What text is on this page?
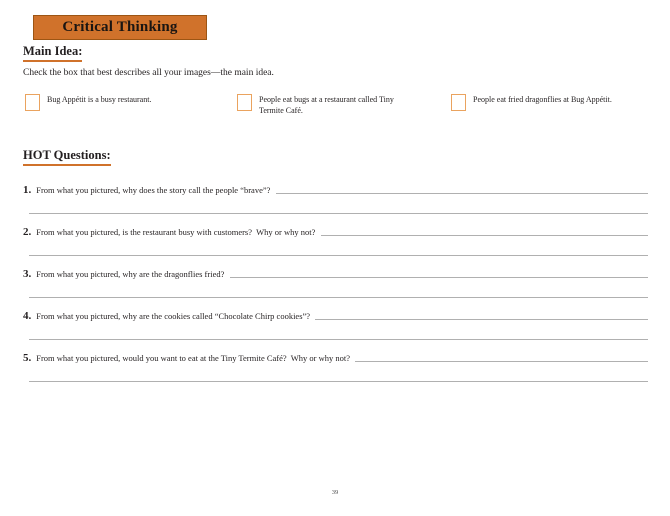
Critical Thinking
Main Idea:
Check the box that best describes all your images—the main idea.
Bug Appétit is a busy restaurant.	People eat bugs at a restaurant called Tiny Termite Café.
People eat fried dragonflies at Bug Appétit.
HOT Questions:
1. From what you pictured, why does the story call the people “brave”?
2. From what you pictured, is the restaurant busy with customers?  Why or why not?
3. From what you pictured, why are the dragonflies fried?
4. From what you pictured, why are the cookies called “Chocolate Chirp cookies”?
5. From what you pictured, would you want to eat at the Tiny Termite Café?  Why or why not?
39
